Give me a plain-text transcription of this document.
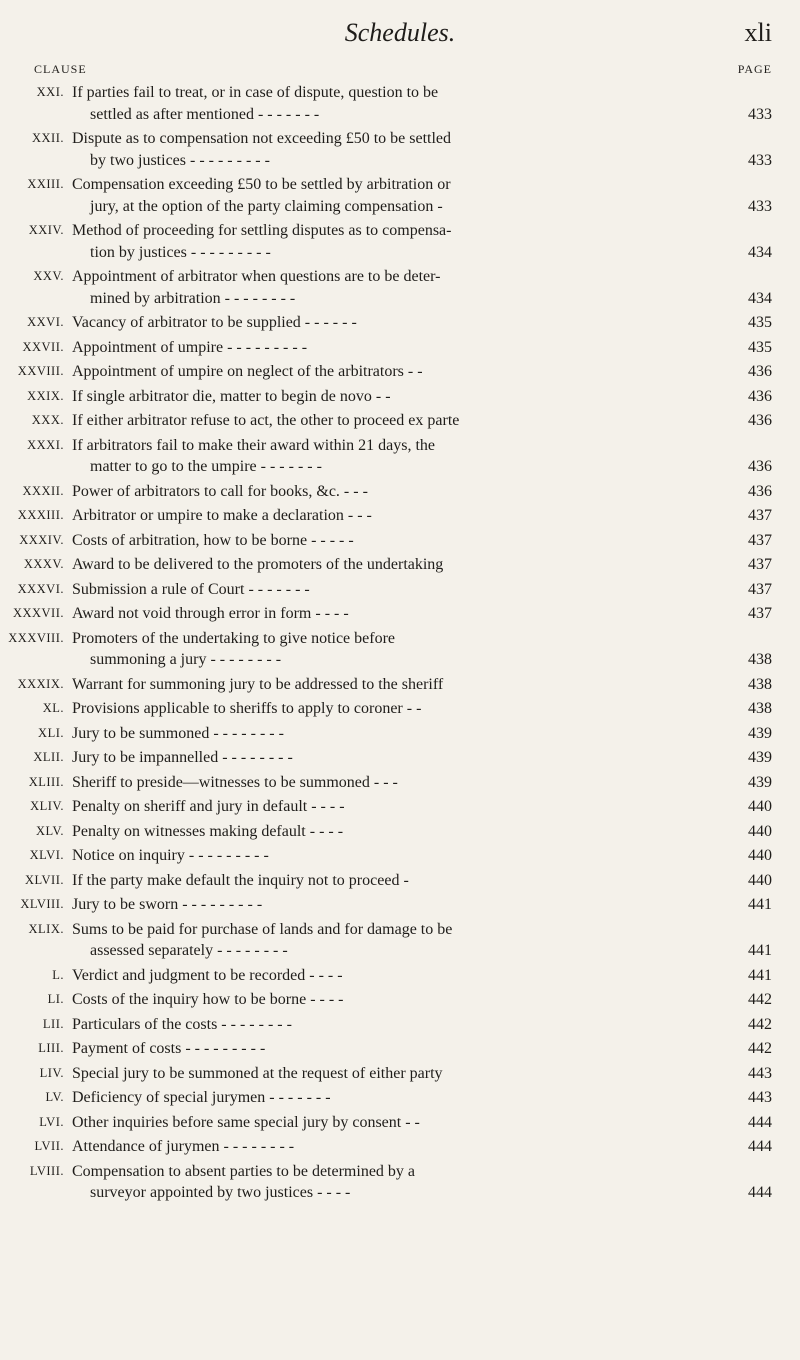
Schedules.	xli
CLAUSE	PAGE
XXI. If parties fail to treat, or in case of dispute, question to be
settled as after mentioned - - - - - - -	433
XXII. Dispute as to compensation not exceeding £50 to be settled
by two justices - - - - - - - - -	433
XXIII. Compensation exceeding £50 to be settled by arbitration or
jury, at the option of the party claiming compensation -	433
XXIV. Method of proceeding for settling disputes as to compensa-
tion by justices - - - - - - - - -	434
XXV. Appointment of arbitrator when questions are to be deter-
mined by arbitration - - - - - - - -	434
XXVI. Vacancy of arbitrator to be supplied - - - - - -	435
XXVII. Appointment of umpire - - - - - - - - -	435
XXVIII. Appointment of umpire on neglect of the arbitrators - -	436
XXIX. If single arbitrator die, matter to begin de novo - -	436
XXX. If either arbitrator refuse to act, the other to proceed ex parte	436
XXXI. If arbitrators fail to make their award within 21 days, the
matter to go to the umpire - - - - - - -	436
XXXII. Power of arbitrators to call for books, &c. - - -	436
XXXIII. Arbitrator or umpire to make a declaration - - -	437
XXXIV. Costs of arbitration, how to be borne - - - - -	437
XXXV. Award to be delivered to the promoters of the undertaking	437
XXXVI. Submission a rule of Court - - - - - - -	437
XXXVII. Award not void through error in form - - - -	437
XXXVIII. Promoters of the undertaking to give notice before
summoning a jury - - - - - - - -	438
XXXIX. Warrant for summoning jury to be addressed to the sheriff	438
XL. Provisions applicable to sheriffs to apply to coroner - -	438
XLI. Jury to be summoned - - - - - - - -	439
XLII. Jury to be impannelled - - - - - - - -	439
XLIII. Sheriff to preside—witnesses to be summoned - - -	439
XLIV. Penalty on sheriff and jury in default - - - -	440
XLV. Penalty on witnesses making default - - - -	440
XLVI. Notice on inquiry - - - - - - - - -	440
XLVII. If the party make default the inquiry not to proceed -	440
XLVIII. Jury to be sworn - - - - - - - - -	441
XLIX. Sums to be paid for purchase of lands and for damage to be
assessed separately - - - - - - - -	441
L. Verdict and judgment to be recorded - - - -	441
LI. Costs of the inquiry how to be borne - - - -	442
LII. Particulars of the costs - - - - - - - -	442
LIII. Payment of costs - - - - - - - - -	442
LIV. Special jury to be summoned at the request of either party	443
LV. Deficiency of special jurymen - - - - - - -	443
LVI. Other inquiries before same special jury by consent - -	444
LVII. Attendance of jurymen - - - - - - - -	444
LVIII. Compensation to absent parties to be determined by a
surveyor appointed by two justices - - - -	444
